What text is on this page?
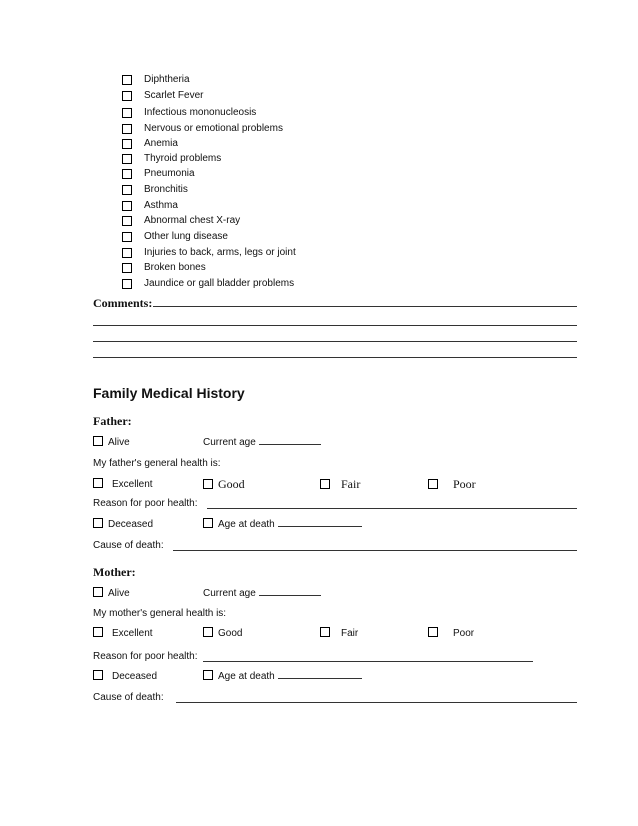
Diphtheria
Scarlet Fever
Infectious mononucleosis
Nervous or emotional problems
Anemia
Thyroid problems
Pneumonia
Bronchitis
Asthma
Abnormal chest X-ray
Other lung disease
Injuries to back, arms, legs or joint
Broken bones
Jaundice or gall bladder problems
Comments:
Family Medical History
Father:
Alive	Current age
My father's general health is:
Excellent	Good	Fair	Poor
Reason for poor health:
Deceased	Age at death
Cause of death:
Mother:
Alive	Current age
My mother's general health is:
Excellent	Good	Fair	Poor
Reason for poor health:
Deceased	Age at death
Cause of death:
